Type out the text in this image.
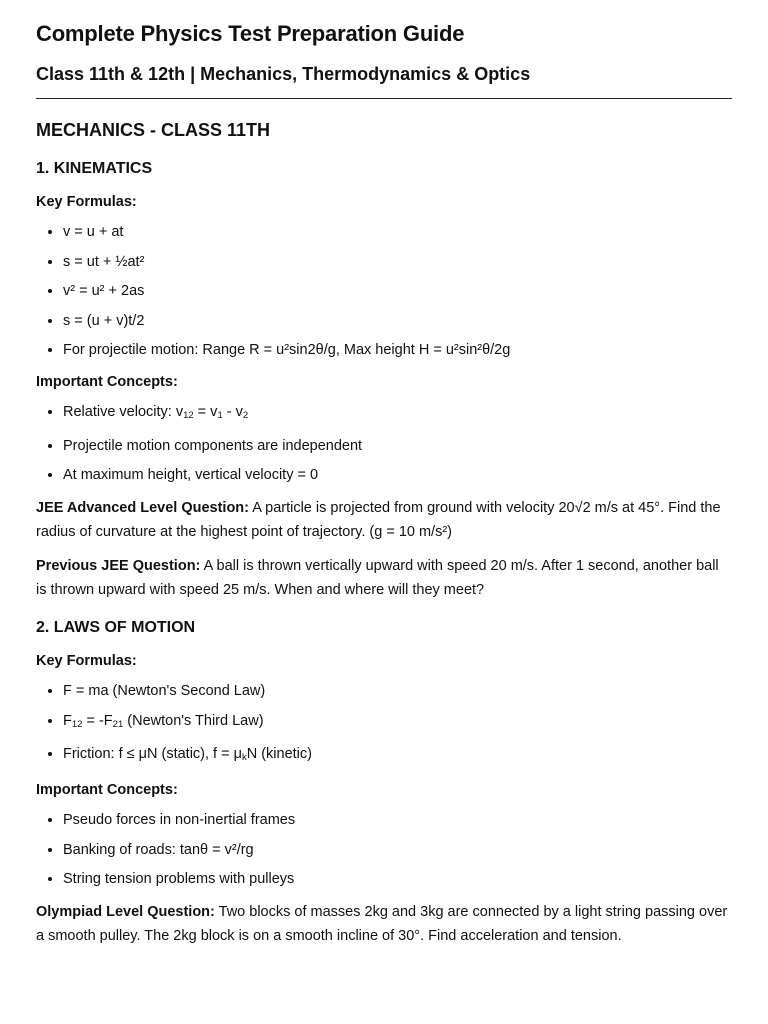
Complete Physics Test Preparation Guide
Class 11th & 12th | Mechanics, Thermodynamics & Optics
MECHANICS - CLASS 11TH
1. KINEMATICS
Key Formulas:
• v = u + at
• s = ut + ½at²
• v² = u² + 2as
• s = (u + v)t/2
• For projectile motion: Range R = u²sin2θ/g, Max height H = u²sin²θ/2g
Important Concepts:
• Relative velocity: $v_{12} = v_1 - v_2$
• Projectile motion components are independent
• At maximum height, vertical velocity = 0

JEE Advanced Level Question: A particle is projected from ground with velocity 20√2 m/s at 45°. Find the radius of curvature at the highest point of trajectory. (g = 10 m/s²)

Previous JEE Question: A ball is thrown vertically upward with speed 20 m/s. After 1 second, another ball is thrown upward with speed 25 m/s. When and where will they meet?

2. LAWS OF MOTION
Key Formulas:
• F = ma (Newton's Second Law)
• $F_{12} = -F_{21}$ (Newton's Third Law)
• Friction: f ≤ μN (static), $f = \mu_kN$ (kinetic)
Important Concepts:
• Pseudo forces in non-inertial frames
• Banking of roads: tanθ = v²/rg
• String tension problems with pulleys

Olympiad Level Question: Two blocks of masses 2kg and 3kg are connected by a light string passing over a smooth pulley. The 2kg block is on a smooth incline of 30°. Find acceleration and tension.
